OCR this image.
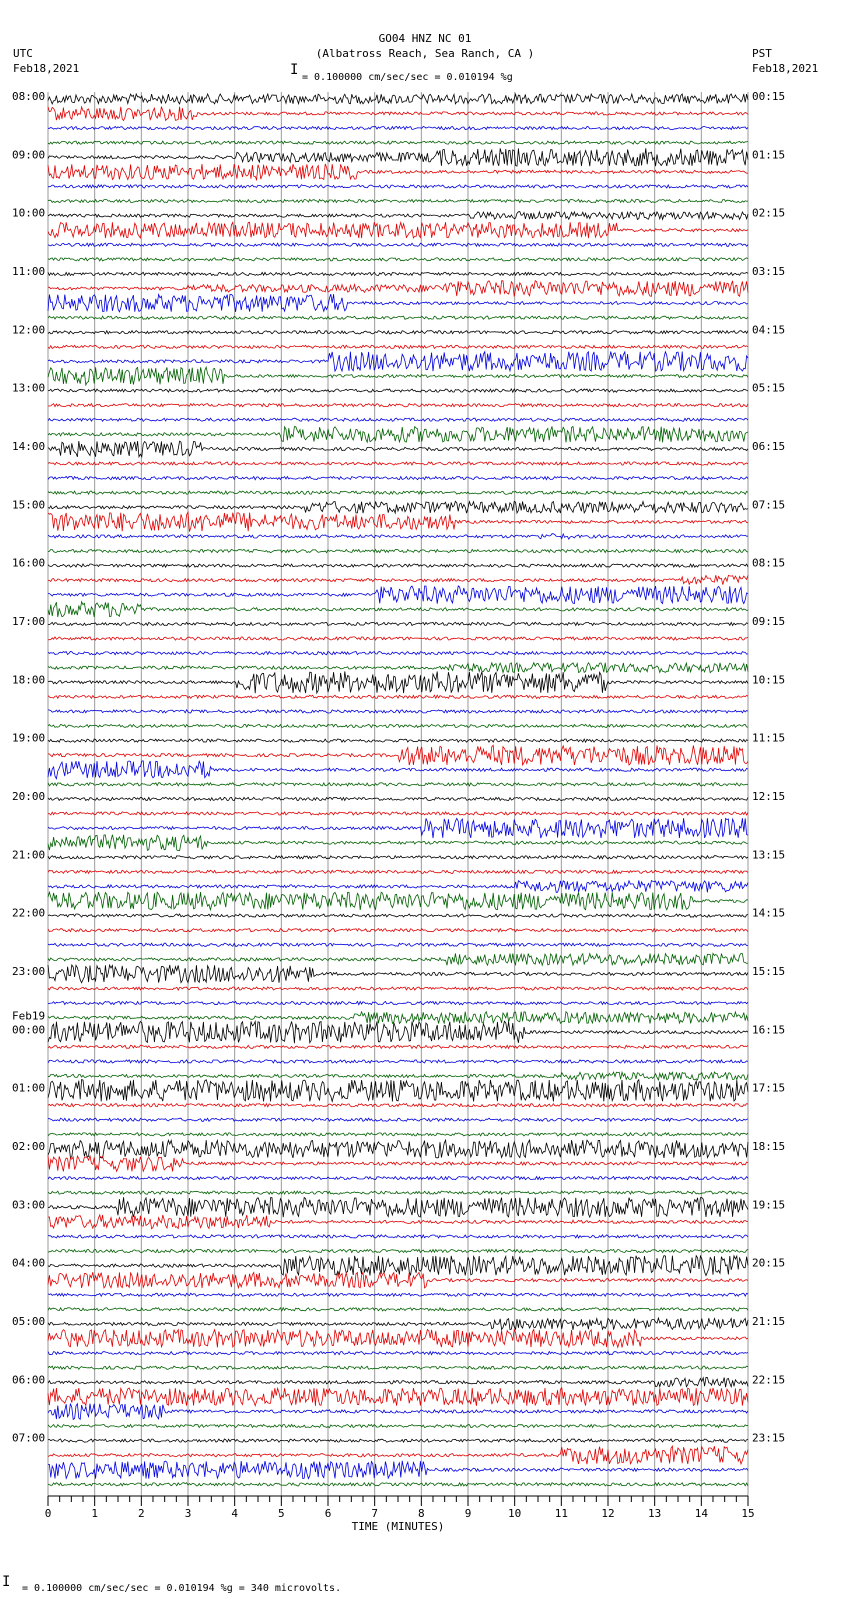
0	1	2	3	4	5	6	7	8	9	10	11	12	13	14	15
TIME (MINUTES)
08:00	00:15
09:00	01:15
10:00	02:15
11:00	03:15
12:00	04:15
13:00	05:15
14:00	06:15
15:00	07:15
16:00	08:15
17:00	09:15
18:00	10:15
19:00	11:15
20:00	12:15
21:00	13:15
22:00	14:15
23:00	15:15
00:00	16:15
Feb19
01:00	17:15
02:00	18:15
03:00	19:15
04:00	20:15
05:00	21:15
06:00	22:15
07:00	23:15
GO04 HNZ NC 01
(Albatross Reach, Sea Ranch, CA )
I = 0.100000 cm/sec/sec = 0.010194 %g
UTC
Feb18,2021
PST
Feb18,2021
I = 0.100000 cm/sec/sec = 0.010194 %g = 340 microvolts.
